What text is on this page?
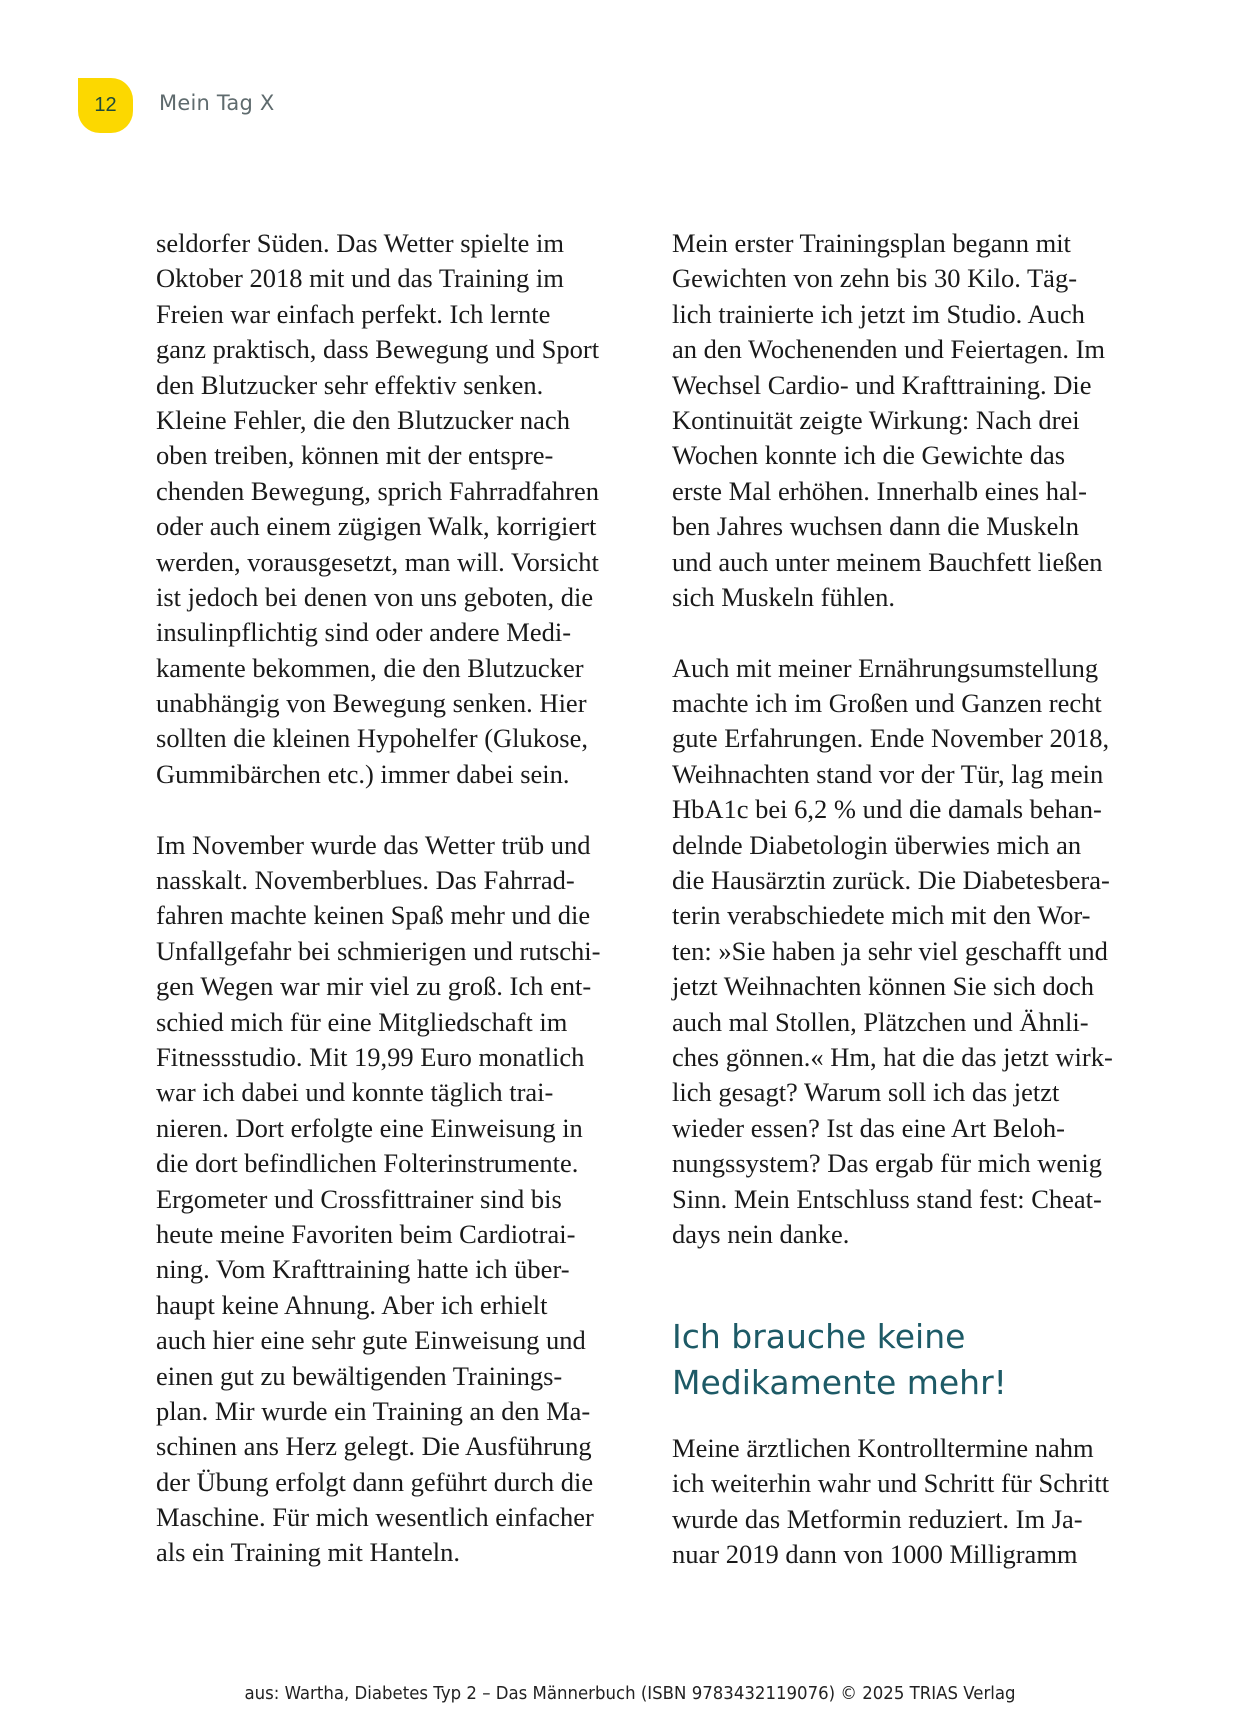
12 Mein Tag X
seldorfer Süden. Das Wetter spielte im
Oktober 2018 mit und das Training im
Freien war einfach perfekt. Ich lernte
ganz praktisch, dass Bewegung und Sport
den Blutzucker sehr effektiv senken.
Kleine Fehler, die den Blutzucker nach
oben treiben, können mit der entspre-
chenden Bewegung, sprich Fahrradfahren
oder auch einem zügigen Walk, korrigiert
werden, vorausgesetzt, man will. Vorsicht
ist jedoch bei denen von uns geboten, die
insulinpflichtig sind oder andere Medi-
kamente bekommen, die den Blutzucker
unabhängig von Bewegung senken. Hier
sollten die kleinen Hypohelfer (Glukose,
Gummibärchen etc.) immer dabei sein.
Im November wurde das Wetter trüb und
nasskalt. Novemberblues. Das Fahrrad-
fahren machte keinen Spaß mehr und die
Unfallgefahr bei schmierigen und rutschi-
gen Wegen war mir viel zu groß. Ich ent-
schied mich für eine Mitgliedschaft im
Fitnessstudio. Mit 19,99 Euro monatlich
war ich dabei und konnte täglich trai-
nieren. Dort erfolgte eine Einweisung in
die dort befindlichen Folterinstrumente.
Ergometer und Crossfittrainer sind bis
heute meine Favoriten beim Cardiotrai-
ning. Vom Krafttraining hatte ich über-
haupt keine Ahnung. Aber ich erhielt
auch hier eine sehr gute Einweisung und
einen gut zu bewältigenden Trainings-
plan. Mir wurde ein Training an den Ma-
schinen ans Herz gelegt. Die Ausführung
der Übung erfolgt dann geführt durch die
Maschine. Für mich wesentlich einfacher
als ein Training mit Hanteln.
Mein erster Trainingsplan begann mit
Gewichten von zehn bis 30 Kilo. Täg-
lich trainierte ich jetzt im Studio. Auch
an den Wochenenden und Feiertagen. Im
Wechsel Cardio- und Krafttraining. Die
Kontinuität zeigte Wirkung: Nach drei
Wochen konnte ich die Gewichte das
erste Mal erhöhen. Innerhalb eines hal-
ben Jahres wuchsen dann die Muskeln
und auch unter meinem Bauchfett ließen
sich Muskeln fühlen.
Auch mit meiner Ernährungsumstellung
machte ich im Großen und Ganzen recht
gute Erfahrungen. Ende November 2018,
Weihnachten stand vor der Tür, lag mein
HbA1c bei 6,2 % und die damals behan-
delnde Diabetologin überwies mich an
die Hausärztin zurück. Die Diabetesbera-
terin verabschiedete mich mit den Wor-
ten: »Sie haben ja sehr viel geschafft und
jetzt Weihnachten können Sie sich doch
auch mal Stollen, Plätzchen und Ähnli-
ches gönnen.« Hm, hat die das jetzt wirk-
lich gesagt? Warum soll ich das jetzt
wieder essen? Ist das eine Art Beloh-
nungssystem? Das ergab für mich wenig
Sinn. Mein Entschluss stand fest: Cheat-
days nein danke.
Ich brauche keine
Medikamente mehr!
Meine ärztlichen Kontrolltermine nahm
ich weiterhin wahr und Schritt für Schritt
wurde das Metformin reduziert. Im Ja-
nuar 2019 dann von 1000 Milligramm
aus: Wartha, Diabetes Typ 2 – Das Männerbuch (ISBN 9783432119076) © 2025 TRIAS Verlag
